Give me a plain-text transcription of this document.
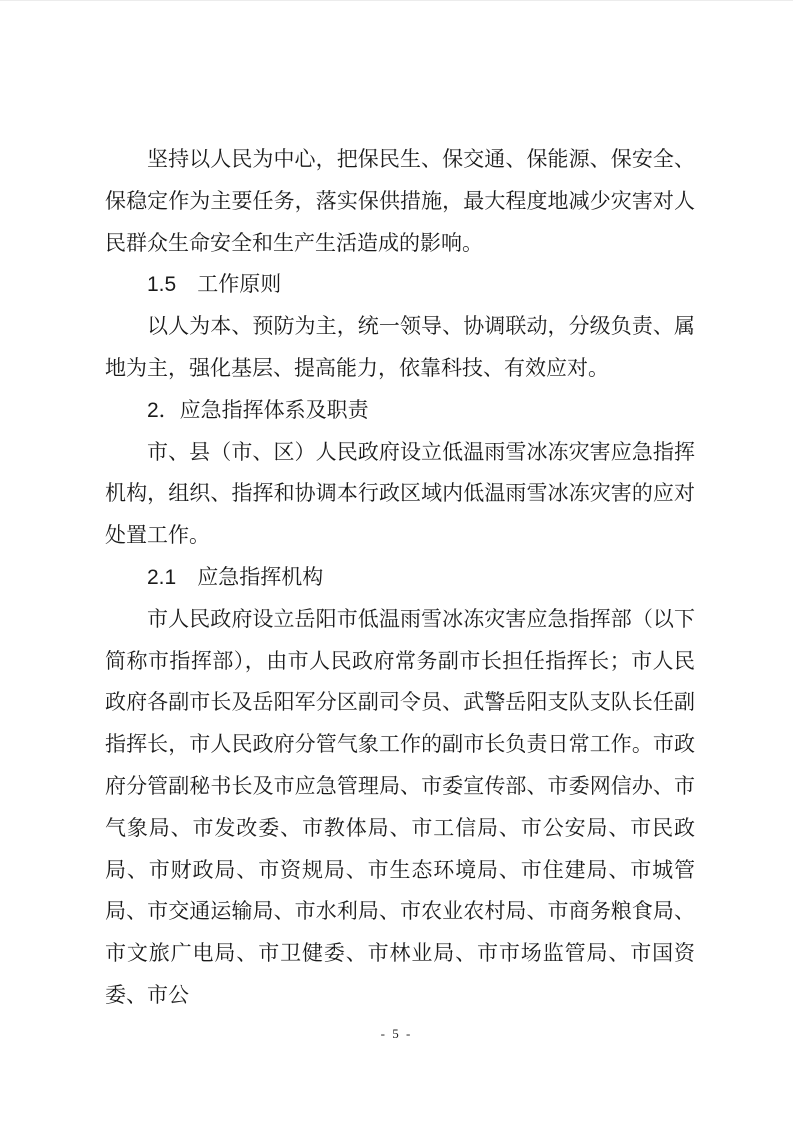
坚持以人民为中心，把保民生、保交通、保能源、保安全、保稳定作为主要任务，落实保供措施，最大程度地减少灾害对人民群众生命安全和生产生活造成的影响。

1.5　工作原则

以人为本、预防为主，统一领导、协调联动，分级负责、属地为主，强化基层、提高能力，依靠科技、有效应对。

2．应急指挥体系及职责

市、县（市、区）人民政府设立低温雨雪冰冻灾害应急指挥机构，组织、指挥和协调本行政区域内低温雨雪冰冻灾害的应对处置工作。

2.1　应急指挥机构

市人民政府设立岳阳市低温雨雪冰冻灾害应急指挥部（以下简称市指挥部），由市人民政府常务副市长担任指挥长；市人民政府各副市长及岳阳军分区副司令员、武警岳阳支队支队长任副指挥长，市人民政府分管气象工作的副市长负责日常工作。市政府分管副秘书长及市应急管理局、市委宣传部、市委网信办、市气象局、市发改委、市教体局、市工信局、市公安局、市民政局、市财政局、市资规局、市生态环境局、市住建局、市城管局、市交通运输局、市水利局、市农业农村局、市商务粮食局、市文旅广电局、市卫健委、市林业局、市市场监管局、市国资委、市公

- 5 -
